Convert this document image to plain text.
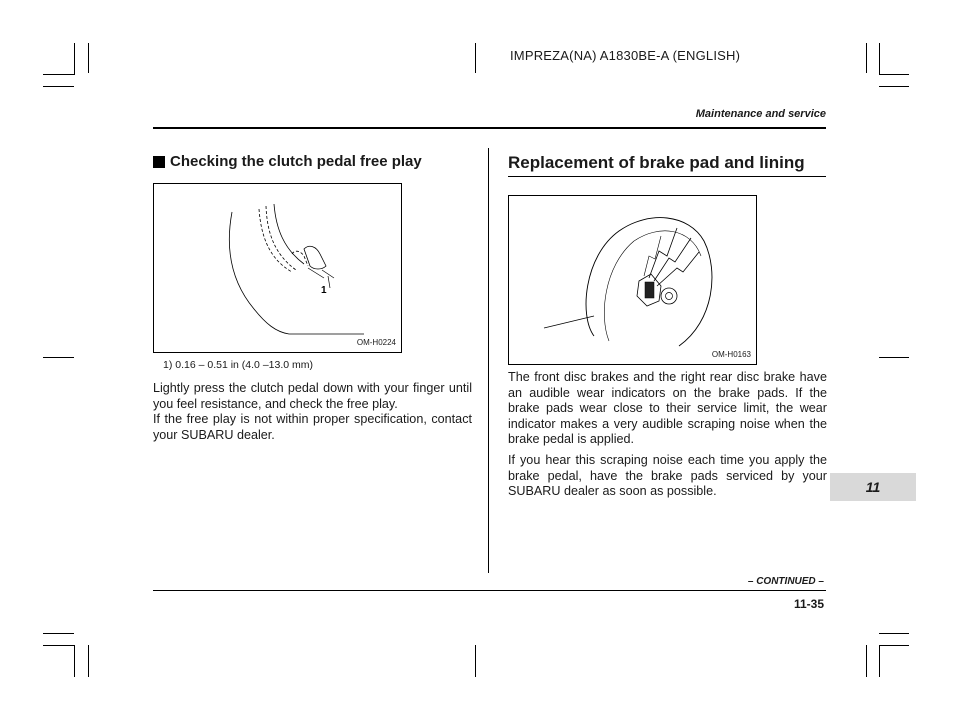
IMPREZA(NA) A1830BE-A (ENGLISH)
Maintenance and service
Checking the clutch pedal free play
1
OM-H0224
1) 0.16 – 0.51 in (4.0 –13.0 mm)
Lightly press the clutch pedal down with your finger until you feel resistance, and check the free play.
If the free play is not within proper specification, contact your SUBARU dealer.
Replacement of brake pad and lining
OM-H0163
The front disc brakes and the right rear disc brake have an audible wear indicators on the brake pads. If the brake pads wear close to their service limit, the wear indicator makes a very audible scraping noise when the brake pedal is applied.
If you hear this scraping noise each time you apply the brake pedal, have the brake pads serviced by your SUBARU dealer as soon as possible.	11
– CONTINUED –
11-35
